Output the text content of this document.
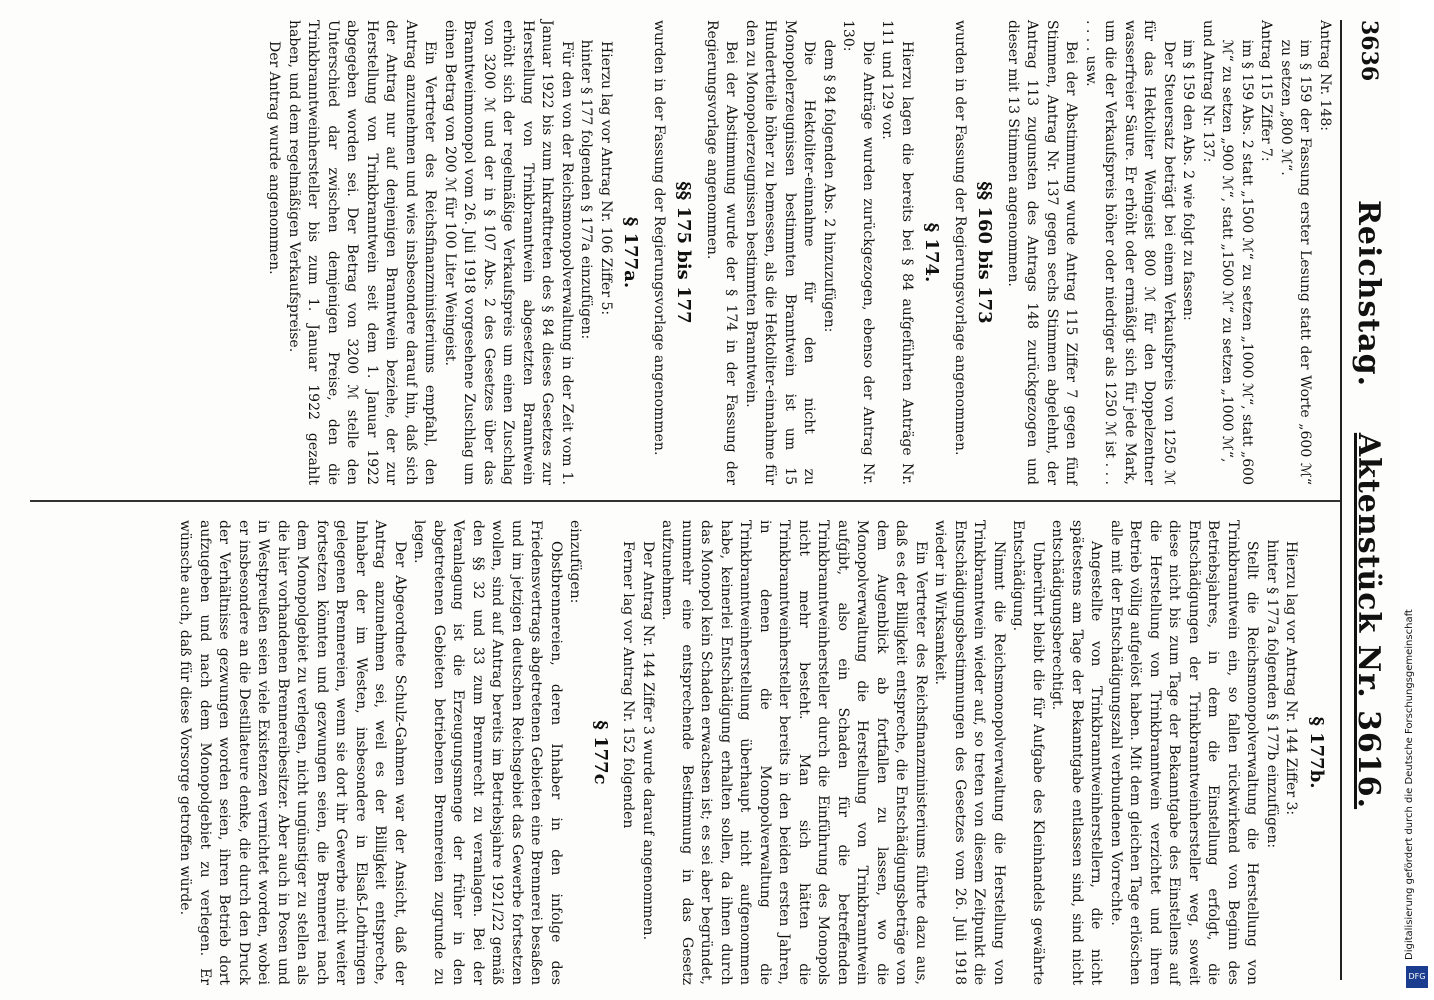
3636
Reichstag.    Aktenstück Nr. 3616.

Antrag Nr. 148:

im § 159 der Fassung erster Lesung statt der Worte „600 ℳ“ zu setzen „800 ℳ“.

Antrag 115 Ziffer 7:

im § 159 Abs. 2 statt „1500 ℳ“ zu setzen „1000 ℳ“, statt „600 ℳ“ zu setzen „900 ℳ“, statt „1500 ℳ“ zu setzen „1000 ℳ“,

und Antrag Nr. 137:

im § 159 den Abs. 2 wie folgt zu fassen:

Der Steuersatz beträgt bei einem Verkaufspreis von 1250 ℳ für das Hektoliter Weingeist 800 ℳ für den Doppelzentner wasserfreier Säure. Er erhöht oder ermäßigt sich für jede Mark, um die der Verkaufspreis höher oder niedriger als 1250 ℳ ist . . . . . . . usw.

Bei der Abstimmung wurde Antrag 115 Ziffer 7 gegen fünf Stimmen, Antrag Nr. 137 gegen sechs Stimmen abgelehnt, der Antrag 113 zugunsten des Antrags 148 zurückgezogen und dieser mit 13 Stimmen angenommen.

§§ 160 bis 173

wurden in der Fassung der Regierungsvorlage angenommen.

§ 174.

Hierzu lagen die bereits bei § 84 aufgeführten Anträge Nr. 111 und 129 vor.

Die Anträge wurden zurückgezogen, ebenso der Antrag Nr. 130:

dem § 84 folgenden Abs. 2 hinzuzufügen:

Die Hektoliter-einnahme für den nicht zu Monopolerzeugnissen bestimmten Branntwein ist um 15 Hundertteile höher zu bemessen, als die Hektoliter-einnahme für den zu Monopolerzeugnissen bestimmten Branntwein.

Bei der Abstimmung wurde der § 174 in der Fassung der Regierungsvorlage angenommen.

§§ 175 bis 177

wurden in der Fassung der Regierungsvorlage angenommen.

§ 177a.

Hierzu lag vor Antrag Nr. 106 Ziffer 5:

hinter § 177 folgenden § 177a einzufügen:

Für den von der Reichsmonopolverwaltung in der Zeit vom 1. Januar 1922 bis zum Inkrafttreten des § 84 dieses Gesetzes zur Herstellung von Trinkbranntwein abgesetzten Branntwein erhöht sich der regelmäßige Verkaufspreis um einen Zuschlag von 3200 ℳ und der in § 107 Abs. 2 des Gesetzes über das Branntweinmonopol vom 26. Juli 1918 vorgesehene Zuschlag um einen Betrag von 200 ℳ für 100 Liter Weingeist.

Ein Vertreter des Reichsfinanzministeriums empfahl, den Antrag anzunehmen und wies insbesondere darauf hin, daß sich der Antrag nur auf denjenigen Branntwein beziehe, der zur Herstellung von Trinkbranntwein seit dem 1. Januar 1922 abgegeben worden sei. Der Betrag von 3200 ℳ stelle den Unterschied dar zwischen demjenigen Preise, den die Trinkbranntweinhersteller bis zum 1. Januar 1922 gezahlt haben, und dem regelmäßigen Verkaufspreise.

Der Antrag wurde angenommen.

§ 177b.

Hierzu lag vor Antrag Nr. 144 Ziffer 3:

hinter § 177a folgenden § 177b einzufügen:

Stellt die Reichsmonopolverwaltung die Herstellung von Trinkbranntwein ein, so fallen rückwirkend von Beginn des Betriebsjahres, in dem die Einstellung erfolgt, die Entschädigungen der Trinkbranntweinhersteller weg, soweit diese nicht bis zum Tage der Bekanntgabe des Einstellens auf die Herstellung von Trinkbranntwein verzichtet und ihren Betrieb völlig aufgelöst haben. Mit dem gleichen Tage erlöschen alle mit der Entschädigungszahl verbundenen Vorrechte.

Angestellte von Trinkbranntweinherstellern, die nicht spätestens am Tage der Bekanntgabe entlassen sind, sind nicht entschädigungsberechtigt.

Unberührt bleibt die für Aufgabe des Kleinhandels gewährte Entschädigung.

Nimmt die Reichsmonopolverwaltung die Herstellung von Trinkbranntwein wieder auf, so treten von diesem Zeitpunkt die Entschädigungsbestimmungen des Gesetzes vom 26. Juli 1918 wieder in Wirksamkeit.

Ein Vertreter des Reichsfinanzministeriums führte dazu aus, daß es der Billigkeit entspreche, die Entschädigungsbeträge von dem Augenblick ab fortfallen zu lassen, wo die Monopolverwaltung die Herstellung von Trinkbranntwein aufgibt, also ein Schaden für die betreffenden Trinkbranntweinhersteller durch die Einführung des Monopols nicht mehr besteht. Man sich hätten die Trinkbranntweinhersteller bereits in den beiden ersten Jahren, in denen die Monopolverwaltung die Trinkbranntweinherstellung überhaupt nicht aufgenommen habe, keinerlei Entschädigung erhalten sollen, da ihnen durch das Monopol kein Schaden erwachsen ist; es sei aber begründet, nunmehr eine entsprechende Bestimmung in das Gesetz aufzunehmen.

Der Antrag Nr. 144 Ziffer 3 wurde darauf angenommen.

Ferner lag vor Antrag Nr. 152 folgenden

§ 177c

einzufügen:

Obstbrennereien, deren Inhaber in den infolge des Friedensvertrags abgetretenen Gebieten eine Brennerei besaßen und im jetzigen deutschen Reichsgebiet das Gewerbe fortsetzen wollen, sind auf Antrag bereits im Betriebsjahre 1921/22 gemäß den §§ 32 und 33 zum Brennrecht zu veranlagen. Bei der Veranlagung ist die Erzeugungsmenge der früher in den abgetretenen Gebieten betriebenen Brennereien zugrunde zu legen.

Der Abgeordnete Schulz-Gahmen war der Ansicht, daß der Antrag anzunehmen sei, weil es der Billigkeit entspreche, Inhaber der im Westen, insbesondere in Elsaß-Lothringen gelegenen Brennereien, wenn sie dort ihr Gewerbe nicht weiter fortsetzen könnten und gezwungen seien, die Brennerei nach dem Monopolgebiet zu verlegen, nicht ungünstiger zu stellen als die hier vorhandenen Brennereibesitzer. Aber auch in Posen und in Westpreußen seien viele Existenzen vernichtet worden, wobei er insbesondere an die Destillateure denke, die durch den Druck der Verhältnisse gezwungen worden seien, ihren Betrieb dort aufzugeben und nach dem Monopolgebiet zu verlegen. Er wünsche auch, daß für diese Vorsorge getroffen würde.	Digitalisierung gefördert durch die Deutsche Forschungsgemeinschaft
DFG
